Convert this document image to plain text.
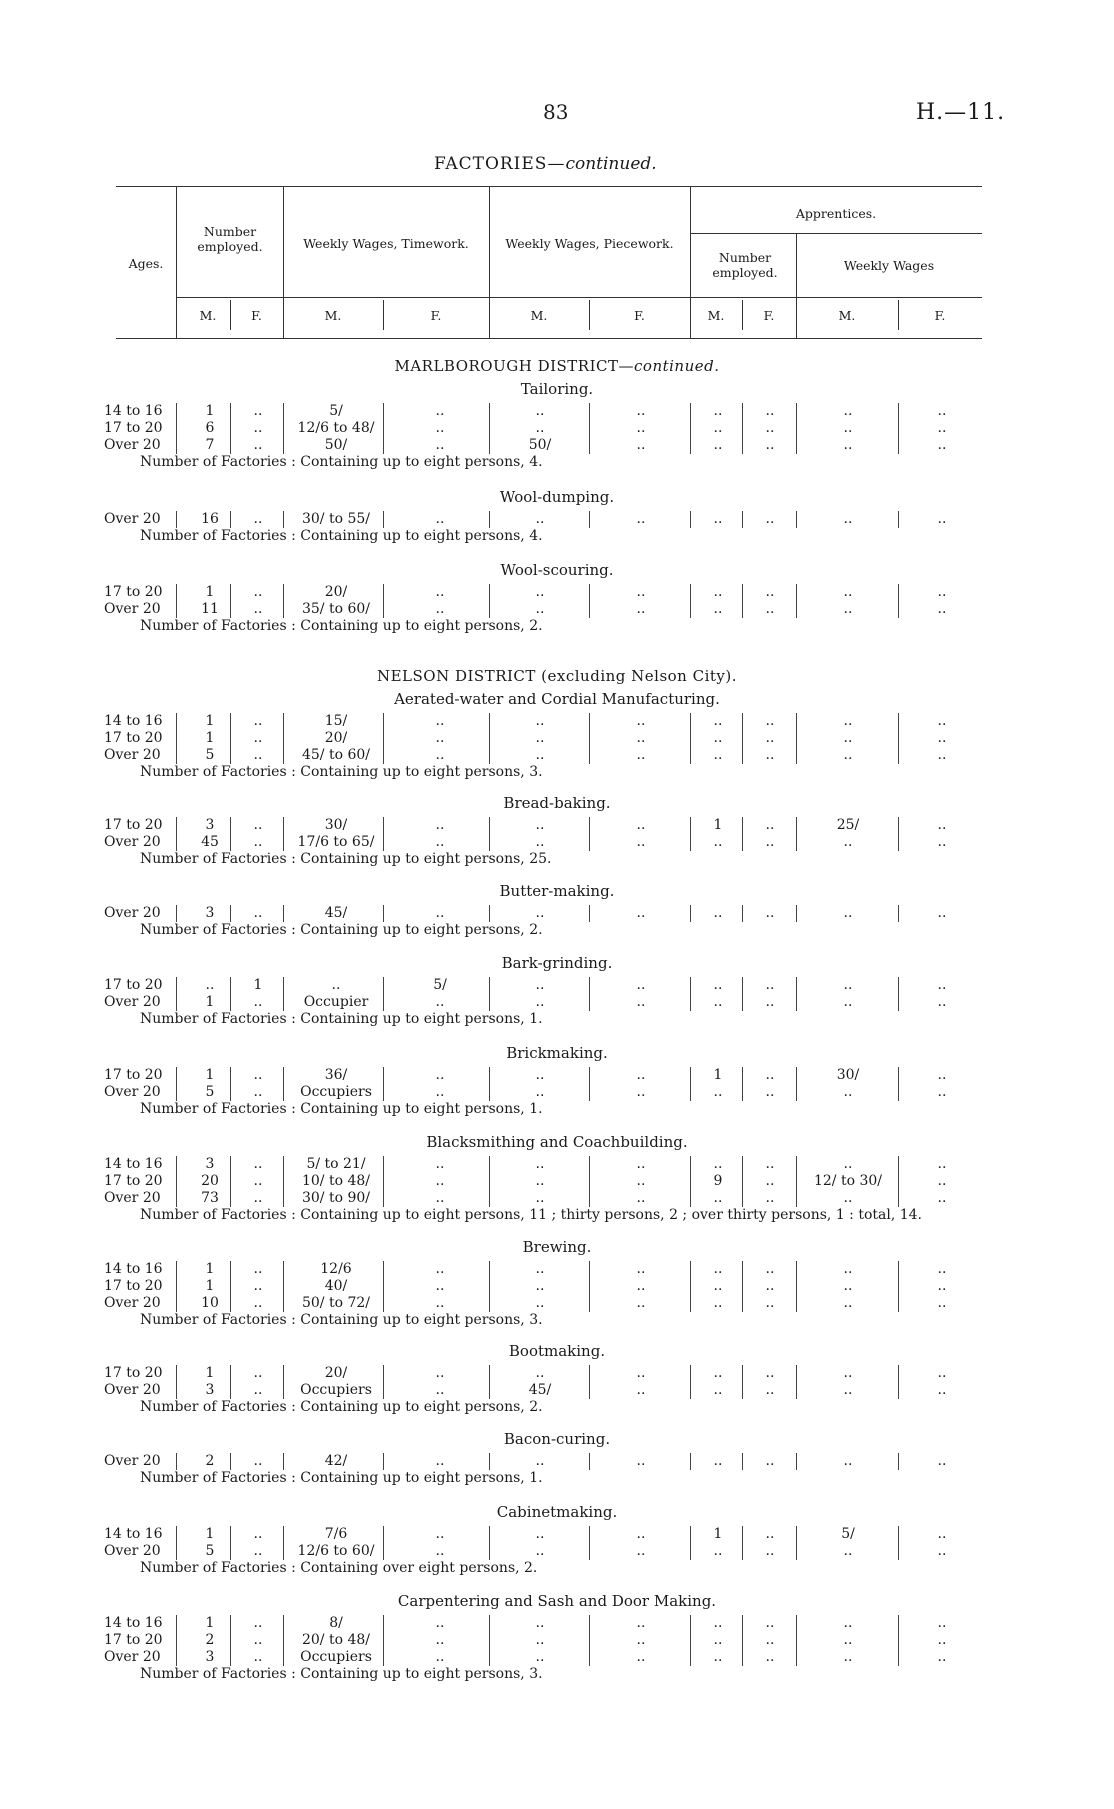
83	H.—11.
FACTORIES—continued.
Ages.
Number employed.	Weekly Wages, Timework.	Weekly Wages, Piecework.
Apprentices.
Number employed.	Weekly Wages
M.	F.	M.	F.	M.	F.	M.	F.	M.	F.
MARLBOROUGH DISTRICT—continued.
Tailoring.
14 to 16	1	..	5/	..	..	..	..	..	..	..
17 to 20	6	..	12/6 to 48/	..	..	..	..	..	..	..
Over 20	7	..	50/	..	50/	..	..	..	..	..
Number of Factories : Containing up to eight persons, 4.
Wool-dumping.
Over 20	16	..	30/ to 55/	..	..	..	..	..	..	..
Number of Factories : Containing up to eight persons, 4.
Wool-scouring.
17 to 20	1	..	20/	..	..	..	..	..	..	..
Over 20	11	..	35/ to 60/	..	..	..	..	..	..	..
Number of Factories : Containing up to eight persons, 2.
NELSON DISTRICT (excluding Nelson City).
Aerated-water and Cordial Manufacturing.
14 to 16	1	..	15/	..	..	..	..	..	..	..
17 to 20	1	..	20/	..	..	..	..	..	..	..
Over 20	5	..	45/ to 60/	..	..	..	..	..	..	..
Number of Factories : Containing up to eight persons, 3.
Bread-baking.
17 to 20	3	..	30/	..	..	..	1	..	25/	..
Over 20	45	..	17/6 to 65/	..	..	..	..	..	..	..
Number of Factories : Containing up to eight persons, 25.
Butter-making.
Over 20	3	..	45/	..	..	..	..	..	..	..
Number of Factories : Containing up to eight persons, 2.
Bark-grinding.
17 to 20	..	1	..	5/	..	..	..	..	..	..
Over 20	1	..	Occupier	..	..	..	..	..	..	..
Number of Factories : Containing up to eight persons, 1.
Brickmaking.
17 to 20	1	..	36/	..	..	..	1	..	30/	..
Over 20	5	..	Occupiers	..	..	..	..	..	..	..
Number of Factories : Containing up to eight persons, 1.
Blacksmithing and Coachbuilding.
14 to 16	3	..	5/ to 21/	..	..	..	..	..	..	..
17 to 20	20	..	10/ to 48/	..	..	..	9	..	12/ to 30/	..
Over 20	73	..	30/ to 90/	..	..	..	..	..	..	..
Number of Factories : Containing up to eight persons, 11 ; thirty persons, 2 ; over thirty persons, 1 : total, 14.
Brewing.
14 to 16	1	..	12/6	..	..	..	..	..	..	..
17 to 20	1	..	40/	..	..	..	..	..	..	..
Over 20	10	..	50/ to 72/	..	..	..	..	..	..	..
Number of Factories : Containing up to eight persons, 3.
Bootmaking.
17 to 20	1	..	20/	..	..	..	..	..	..	..
Over 20	3	..	Occupiers	..	45/	..	..	..	..	..
Number of Factories : Containing up to eight persons, 2.
Bacon-curing.
Over 20	2	..	42/	..	..	..	..	..	..	..
Number of Factories : Containing up to eight persons, 1.
Cabinetmaking.
14 to 16	1	..	7/6	..	..	..	1	..	5/	..
Over 20	5	..	12/6 to 60/	..	..	..	..	..	..	..
Number of Factories : Containing over eight persons, 2.
Carpentering and Sash and Door Making.
14 to 16	1	..	8/	..	..	..	..	..	..	..
17 to 20	2	..	20/ to 48/	..	..	..	..	..	..	..
Over 20	3	..	Occupiers	..	..	..	..	..	..	..
Number of Factories : Containing up to eight persons, 3.
